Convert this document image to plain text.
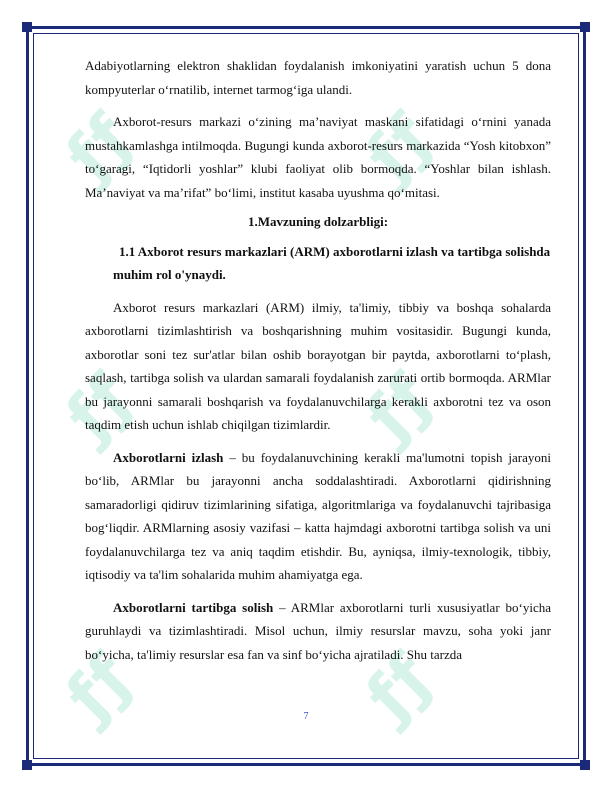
ƒƒ	ƒƒ
ƒƒ	ƒƒ
ƒƒ	ƒƒ

Adabiyotlarning elektron shaklidan foydalanish imkoniyatini yaratish uchun 5 dona kompyuterlar o‘rnatilib, internet tarmog‘iga ulandi.

Axborot-resurs markazi o‘zining ma’naviyat maskani sifatidagi o‘rnini yanada mustahkamlashga intilmoqda. Bugungi kunda axborot-resurs markazida “Yosh kitobxon” to‘garagi, “Iqtidorli yoshlar” klubi faoliyat olib bormoqda. “Yoshlar bilan ishlash. Ma’naviyat va ma’rifat” bo‘limi, institut kasaba uyushma qo‘mitasi.

1.Mavzuning dolzarbligi:

1.1 Axborot resurs markazlari (ARM) axborotlarni izlash va tartibga solishda muhim rol o'ynaydi.

Axborot resurs markazlari (ARM) ilmiy, ta'limiy, tibbiy va boshqa sohalarda axborotlarni tizimlashtirish va boshqarishning muhim vositasidir. Bugungi kunda, axborotlar soni tez sur'atlar bilan oshib borayotgan bir paytda, axborotlarni to‘plash, saqlash, tartibga solish va ulardan samarali foydalanish zarurati ortib bormoqda. ARMlar bu jarayonni samarali boshqarish va foydalanuvchilarga kerakli axborotni tez va oson taqdim etish uchun ishlab chiqilgan tizimlardir.

Axborotlarni izlash – bu foydalanuvchining kerakli ma'lumotni topish jarayoni bo‘lib, ARMlar bu jarayonni ancha soddalashtiradi. Axborotlarni qidirishning samaradorligi qidiruv tizimlarining sifatiga, algoritmlariga va foydalanuvchi tajribasiga bog‘liqdir. ARMlarning asosiy vazifasi – katta hajmdagi axborotni tartibga solish va uni foydalanuvchilarga tez va aniq taqdim etishdir. Bu, ayniqsa, ilmiy-texnologik, tibbiy, iqtisodiy va ta'lim sohalarida muhim ahamiyatga ega.

Axborotlarni tartibga solish – ARMlar axborotlarni turli xususiyatlar bo‘yicha guruhlaydi va tizimlashtiradi. Misol uchun, ilmiy resurslar mavzu, soha yoki janr bo‘yicha, ta'limiy resurslar esa fan va sinf bo‘yicha ajratiladi. Shu tarzda

7
